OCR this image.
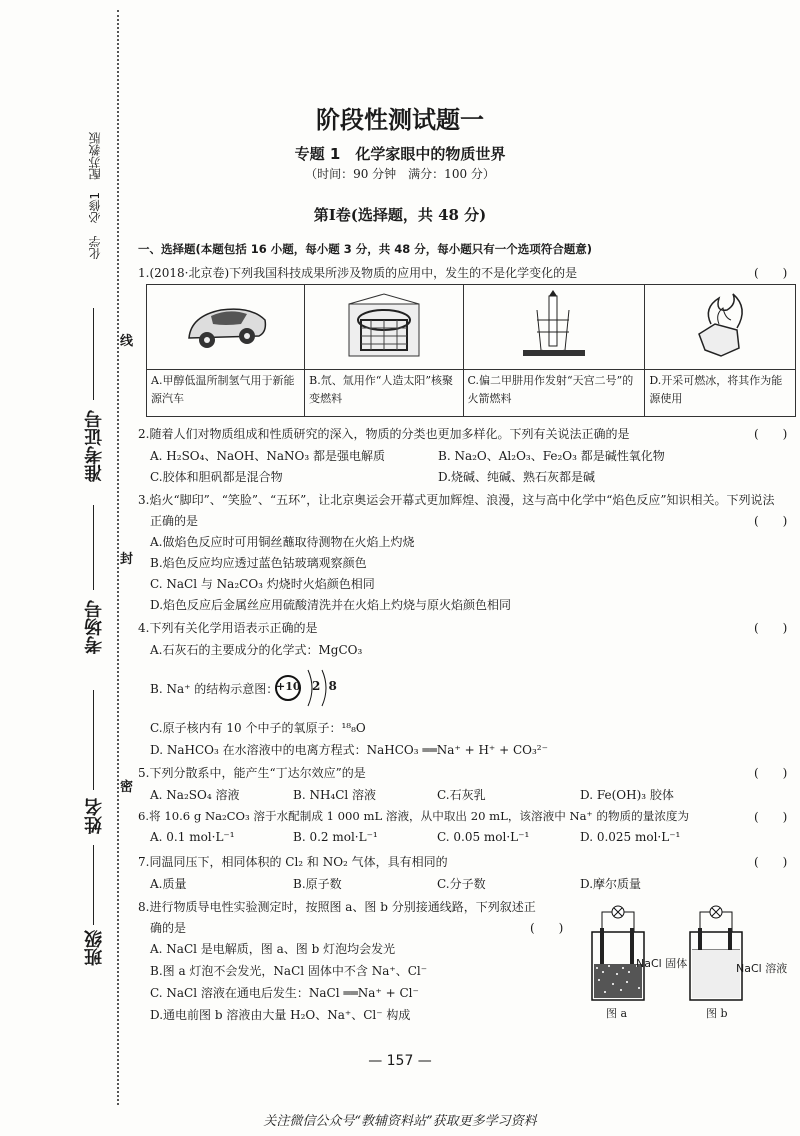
化学　必修1　配苏教版
准考证号
考场号
姓名
班级
线
封
密
阶段性测试题一
专题 1　化学家眼中的物质世界
（时间：90 分钟　满分：100 分）
第Ⅰ卷(选择题，共 48 分)
一、选择题(本题包括 16 小题，每小题 3 分，共 48 分，每小题只有一个选项符合题意)
1.(2018·北京卷)下列我国科技成果所涉及物质的应用中，发生的不是化学变化的是	(　　)

A.甲醇低温所制氢气用于新能源汽车	B.氘、氚用作“人造太阳”核聚变燃料	C.偏二甲肼用作发射“天宫二号”的火箭燃料	D.开采可燃冰，将其作为能源使用
2.随着人们对物质组成和性质研究的深入，物质的分类也更加多样化。下列有关说法正确的是	(　　)
A. H₂SO₄、NaOH、NaNO₃ 都是强电解质	B. Na₂O、Al₂O₃、Fe₂O₃ 都是碱性氧化物
C.胶体和胆矾都是混合物	D.烧碱、纯碱、熟石灰都是碱
3.焰火“脚印”、“笑脸”、“五环”，让北京奥运会开幕式更加辉煌、浪漫，这与高中化学中“焰色反应”知识相关。下列说法
正确的是	(　　)
A.做焰色反应时可用铜丝蘸取待测物在火焰上灼烧
B.焰色反应均应透过蓝色钴玻璃观察颜色
C. NaCl 与 Na₂CO₃ 灼烧时火焰颜色相同
D.焰色反应后金属丝应用硫酸清洗并在火焰上灼烧与原火焰颜色相同
4.下列有关化学用语表示正确的是	(　　)
A.石灰石的主要成分的化学式：MgCO₃
B. Na⁺ 的结构示意图：
+10 2 8
C.原子核内有 10 个中子的氧原子：¹⁸₈O
D. NaHCO₃ 在水溶液中的电离方程式：NaHCO₃ ══Na⁺ + H⁺ + CO₃²⁻
5.下列分散系中，能产生“丁达尔效应”的是	(　　)
A. Na₂SO₄ 溶液	B. NH₄Cl 溶液	C.石灰乳	D. Fe(OH)₃ 胶体
6.将 10.6 g Na₂CO₃ 溶于水配制成 1 000 mL 溶液，从中取出 20 mL，该溶液中 Na⁺ 的物质的量浓度为	(　　)
A. 0.1 mol·L⁻¹	B. 0.2 mol·L⁻¹	C. 0.05 mol·L⁻¹	D. 0.025 mol·L⁻¹
7.同温同压下，相同体积的 Cl₂ 和 NO₂ 气体，具有相同的	(　　)
A.质量	B.原子数	C.分子数	D.摩尔质量
8.进行物质导电性实验测定时，按照图 a、图 b 分别接通线路，下列叙述正
确的是	(　　)
A. NaCl 是电解质，图 a、图 b 灯泡均会发光
B.图 a 灯泡不会发光，NaCl 固体中不含 Na⁺、Cl⁻
C. NaCl 溶液在通电后发生：NaCl ══Na⁺ + Cl⁻
D.通电前图 b 溶液由大量 H₂O、Na⁺、Cl⁻ 构成
NaCl 固体
图 a
NaCl 溶液
图 b
— 157 —
关注微信公众号“教辅资料站”获取更多学习资料
